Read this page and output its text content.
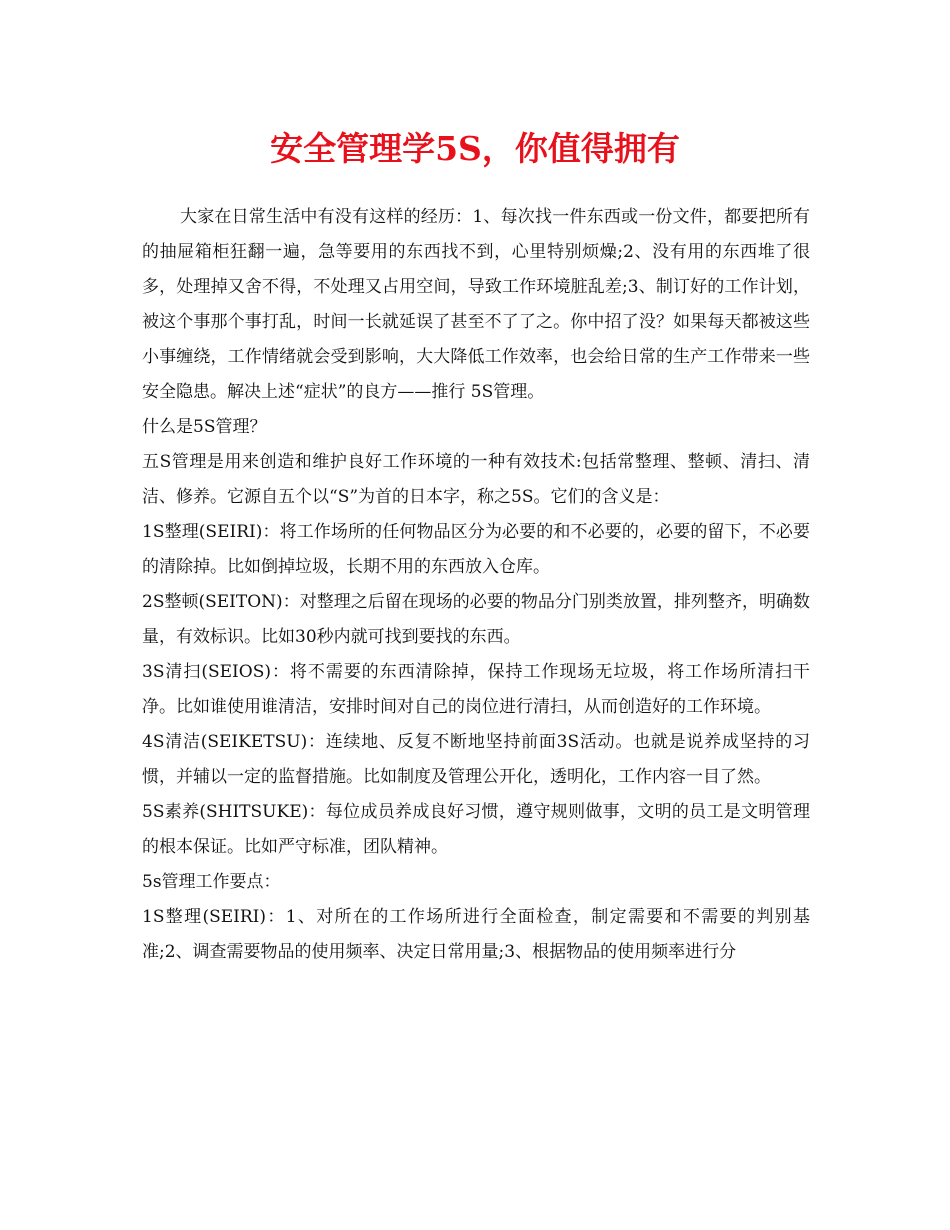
安全管理学5S，你值得拥有

大家在日常生活中有没有这样的经历：1、每次找一件东西或一份文件，都要把所有的抽屉箱柜狂翻一遍，急等要用的东西找不到，心里特别烦燥;2、没有用的东西堆了很多，处理掉又舍不得，不处理又占用空间，导致工作环境脏乱差;3、制订好的工作计划，被这个事那个事打乱，时间一长就延误了甚至不了了之。你中招了没？如果每天都被这些小事缠绕，工作情绪就会受到影响，大大降低工作效率，也会给日常的生产工作带来一些安全隐患。解决上述“症状”的良方——推行 5S管理。

什么是5S管理？

五S管理是用来创造和维护良好工作环境的一种有效技术:包括常整理、整顿、清扫、清洁、修养。它源自五个以“S”为首的日本字，称之5S。它们的含义是：

1S整理(SEIRI)：将工作场所的任何物品区分为必要的和不必要的，必要的留下，不必要的清除掉。比如倒掉垃圾，长期不用的东西放入仓库。

2S整顿(SEITON)：对整理之后留在现场的必要的物品分门别类放置，排列整齐，明确数量，有效标识。比如30秒内就可找到要找的东西。

3S清扫(SEIOS)：将不需要的东西清除掉，保持工作现场无垃圾，将工作场所清扫干净。比如谁使用谁清洁，安排时间对自己的岗位进行清扫，从而创造好的工作环境。

4S清洁(SEIKETSU)：连续地、反复不断地坚持前面3S活动。也就是说养成坚持的习惯，并辅以一定的监督措施。比如制度及管理公开化，透明化，工作内容一目了然。

5S素养(SHITSUKE)：每位成员养成良好习惯，遵守规则做事，文明的员工是文明管理的根本保证。比如严守标准，团队精神。

5s管理工作要点：

1S整理(SEIRI)：1、对所在的工作场所进行全面检查，制定需要和不需要的判别基准;2、调查需要物品的使用频率、决定日常用量;3、根据物品的使用频率进行分
